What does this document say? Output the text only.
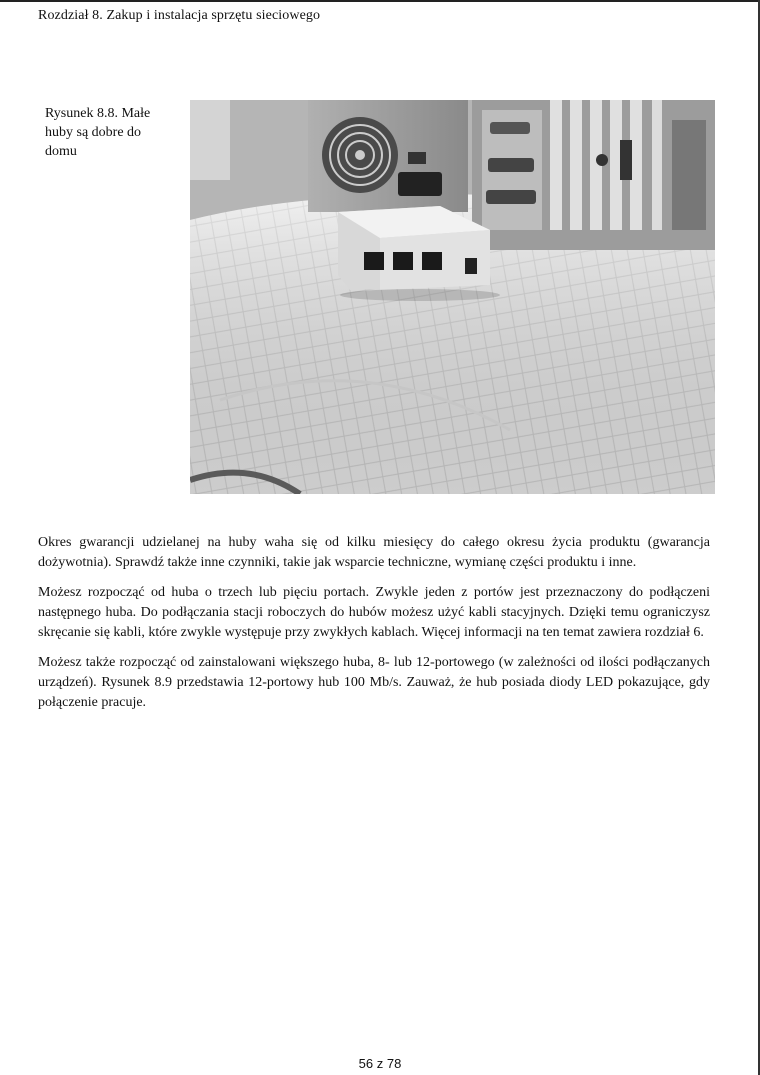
Rozdział 8. Zakup i instalacja sprzętu sieciowego
Rysunek 8.8. Małe huby są dobre do domu

Okres gwarancji udzielanej na huby waha się od kilku miesięcy do całego okresu życia produktu (gwarancja dożywotnia). Sprawdź także inne czynniki, takie jak wsparcie techniczne, wymianę części produktu i inne.

Możesz rozpocząć od huba o trzech lub pięciu portach. Zwykle jeden z portów jest przeznaczony do podłączeni następnego huba. Do podłączania stacji roboczych do hubów możesz użyć kabli stacyjnych. Dzięki temu ograniczysz skręcanie się kabli, które zwykle występuje przy zwykłych kablach. Więcej informacji na ten temat zawiera rozdział 6.

Możesz także rozpocząć od zainstalowani większego huba, 8- lub 12-portowego (w zależności od ilości podłączanych urządzeń). Rysunek 8.9 przedstawia 12-portowy hub 100 Mb/s. Zauważ, że hub posiada diody LED pokazujące, gdy połączenie pracuje.

56 z 78
